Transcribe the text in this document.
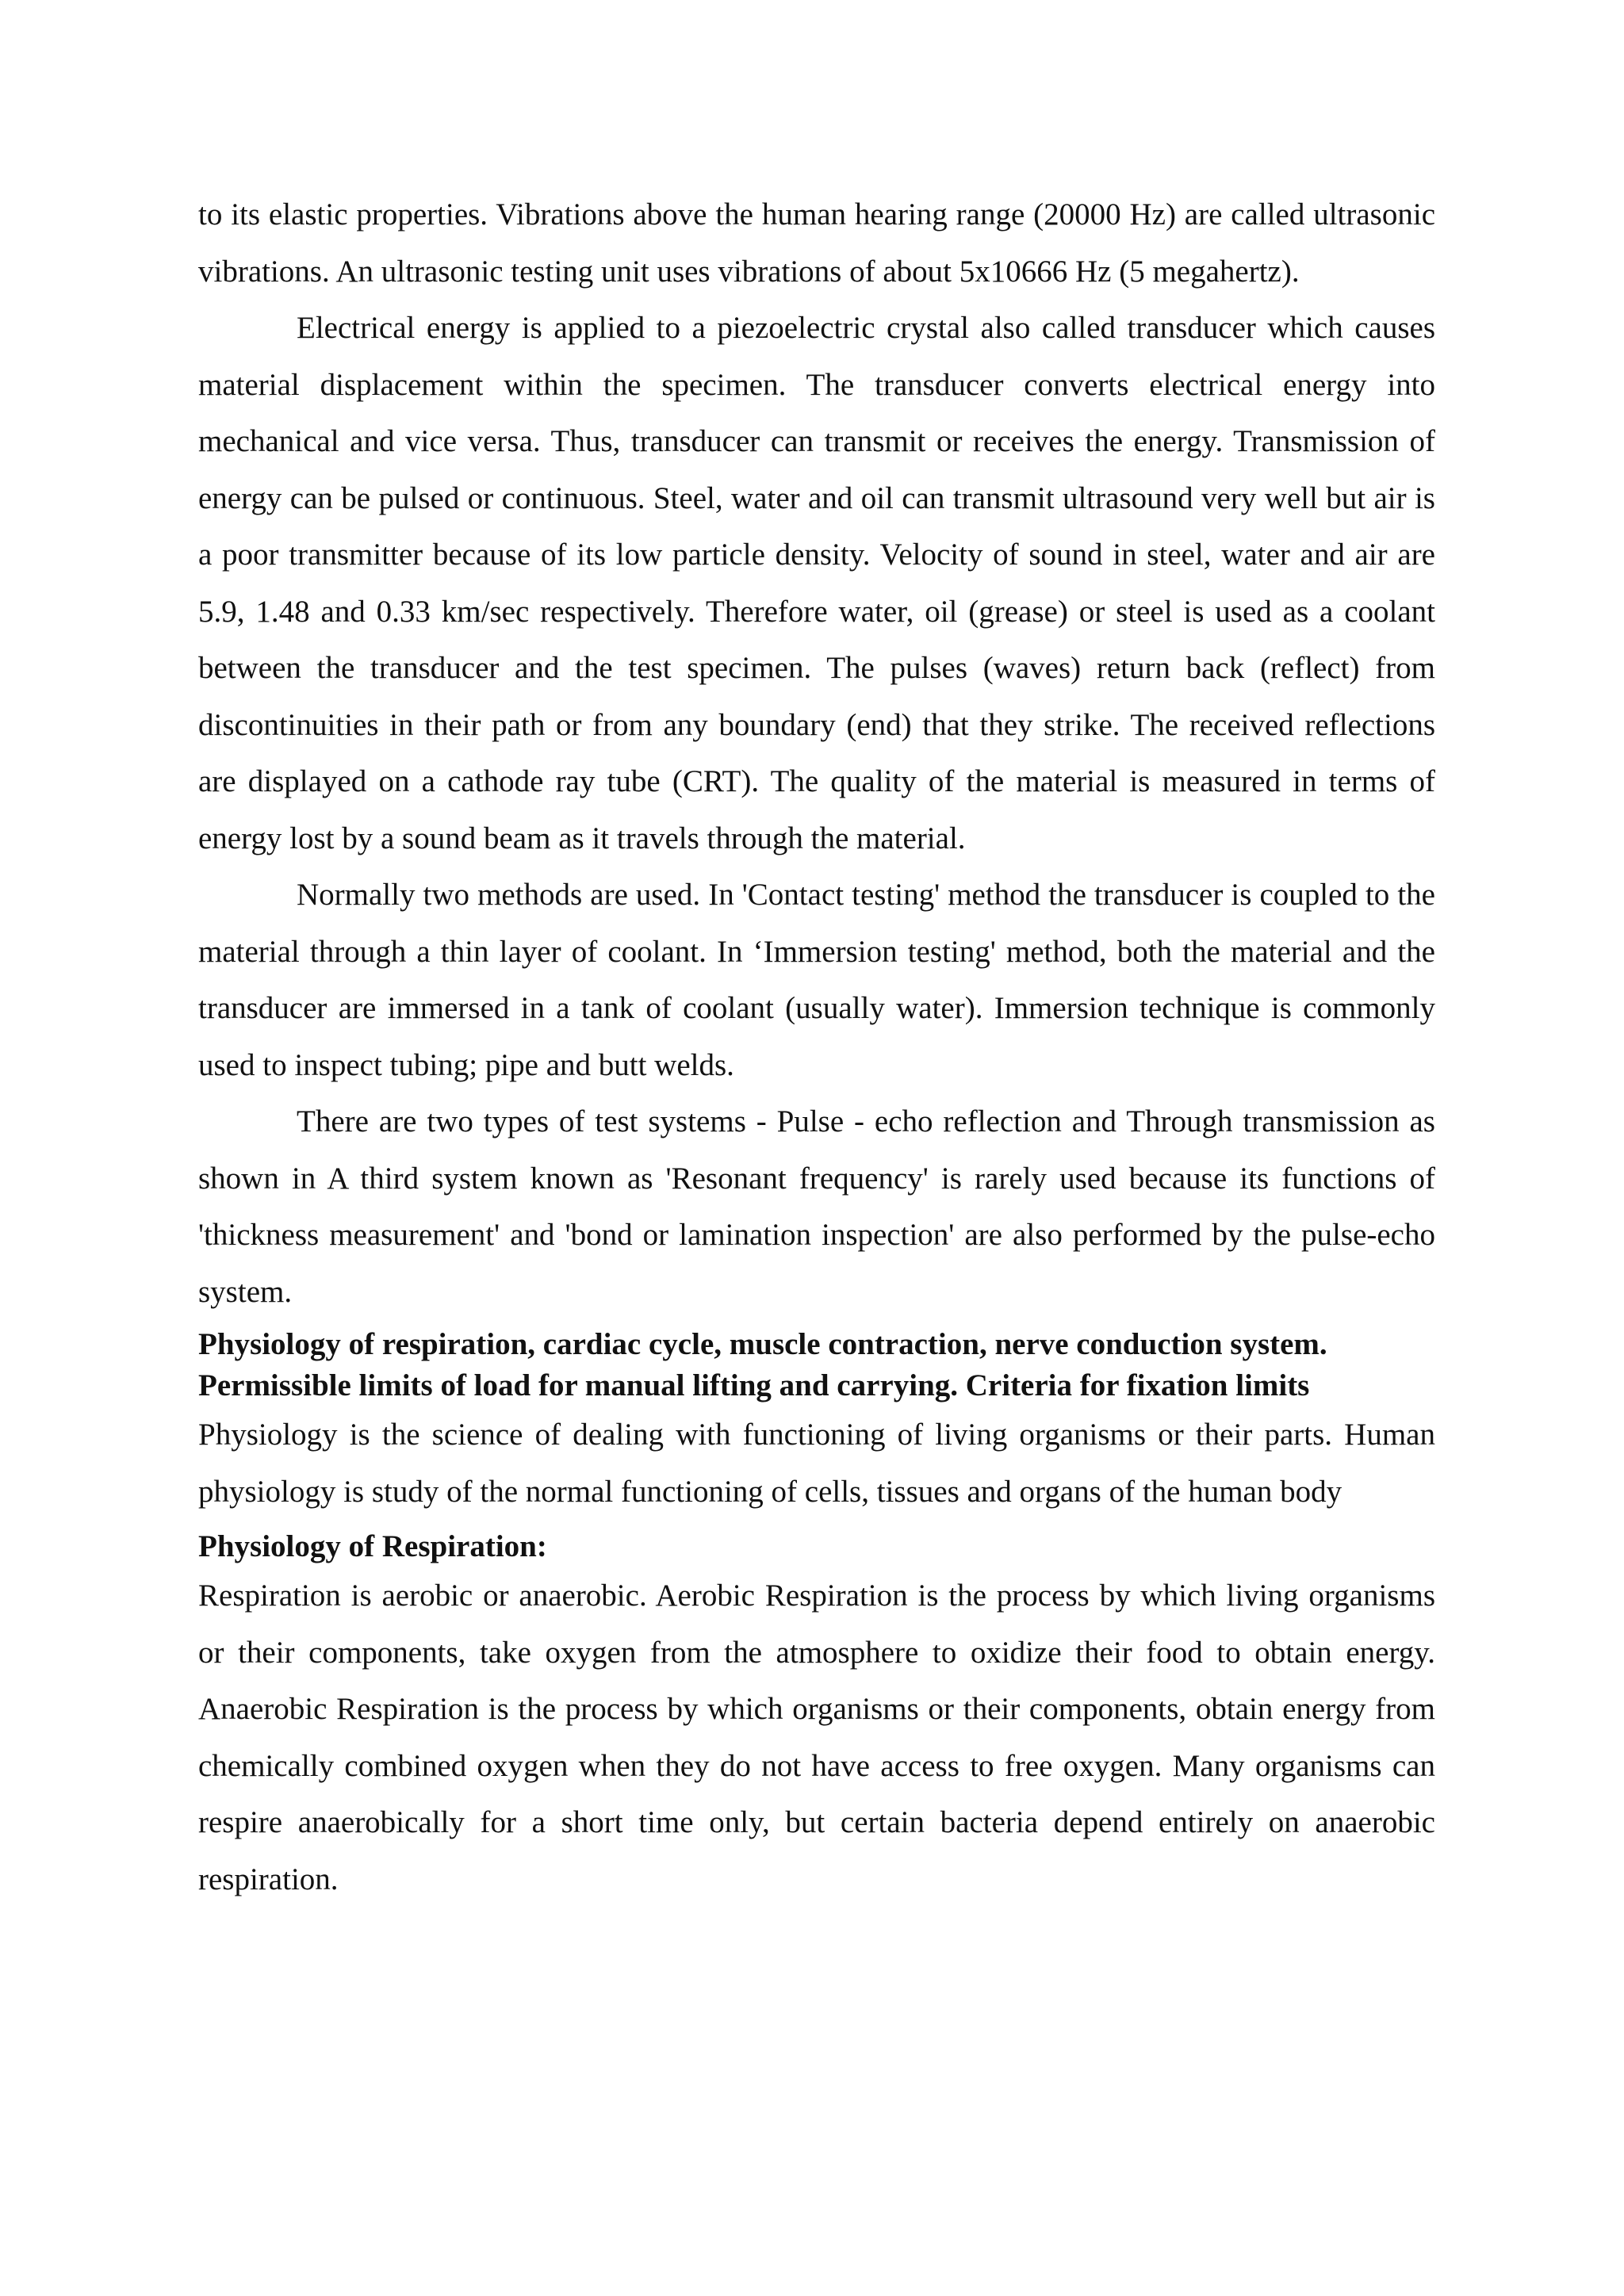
to its elastic properties. Vibrations above the human hearing range (20000 Hz) are called ultrasonic vibrations. An ultrasonic testing unit uses vibrations of about 5x10666 Hz (5 megahertz).

Electrical energy is applied to a piezoelectric crystal also called transducer which causes material displacement within the specimen. The transducer converts electrical energy into mechanical and vice versa. Thus, transducer can transmit or receives the energy. Transmission of energy can be pulsed or continuous. Steel, water and oil can transmit ultrasound very well but air is a poor transmitter because of its low particle density. Velocity of sound in steel, water and air are 5.9, 1.48 and 0.33 km/sec respectively. Therefore water, oil (grease) or steel is used as a coolant between the transducer and the test specimen. The pulses (waves) return back (reflect) from discontinuities in their path or from any boundary (end) that they strike. The received reflections are displayed on a cathode ray tube (CRT). The quality of the material is measured in terms of energy lost by a sound beam as it travels through the material.

Normally two methods are used. In 'Contact testing' method the transducer is coupled to the material through a thin layer of coolant. In ‘Immersion testing' method, both the material and the transducer are immersed in a tank of coolant (usually water). Immersion technique is commonly used to inspect tubing; pipe and butt welds.

There are two types of test systems - Pulse - echo reflection and Through transmission as shown in A third system known as 'Resonant frequency' is rarely used because its functions of 'thickness measurement' and 'bond or lamination inspection' are also performed by the pulse-echo system.

Physiology of respiration, cardiac cycle, muscle contraction, nerve conduction system.

Permissible limits of load for manual lifting and carrying. Criteria for fixation limits

Physiology is the science of dealing with functioning of living organisms or their parts. Human physiology is study of the normal functioning of cells, tissues and organs of the human body

Physiology of Respiration:

Respiration is aerobic or anaerobic. Aerobic Respiration is the process by which living organisms or their components, take oxygen from the atmosphere to oxidize their food to obtain energy. Anaerobic Respiration is the process by which organisms or their components, obtain energy from chemically combined oxygen when they do not have access to free oxygen. Many organisms can respire anaerobically for a short time only, but certain bacteria depend entirely on anaerobic respiration.
